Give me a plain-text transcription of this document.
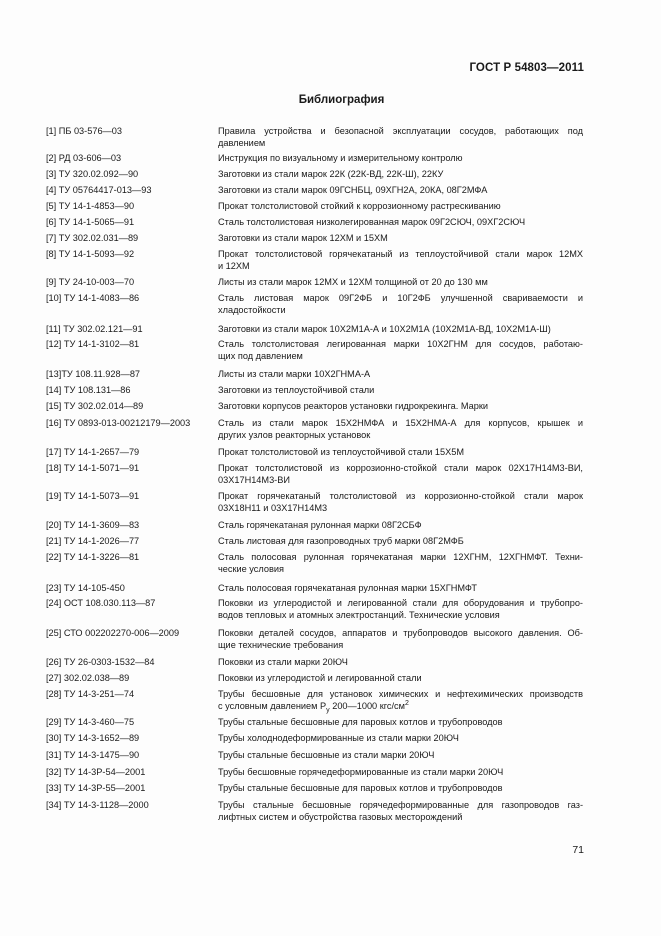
ГОСТ Р 54803—2011
Библиография
[1] ПБ 03-576—03	Правила устройства и безопасной эксплуатации сосудов, работающих под
давлением
[2] РД 03-606—03	Инструкция по визуальному и измерительному контролю
[3] ТУ 320.02.092—90	Заготовки из стали марок 22К (22К-ВД, 22К-Ш), 22КУ
[4] ТУ 05764417-013—93	Заготовки из стали марок 09ГСНБЦ, 09ХГН2А, 20КА, 08Г2МФА
[5] ТУ 14-1-4853—90	Прокат толстолистовой стойкий к коррозионному растрескиванию
[6] ТУ 14-1-5065—91	Сталь толстолистовая низколегированная марок 09Г2СЮЧ, 09ХГ2СЮЧ
[7] ТУ 302.02.031—89	Заготовки из стали марок 12ХМ и 15ХМ
[8] ТУ 14-1-5093—92	Прокат толстолистовой горячекатаный из теплоустойчивой стали марок 12МХ
и 12ХМ
[9] ТУ 24-10-003—70	Листы из стали марок 12МХ и 12ХМ толщиной от 20 до 130 мм
[10] ТУ 14-1-4083—86	Сталь листовая марок 09Г2ФБ и 10Г2ФБ улучшенной свариваемости и
хладостойкости
[11] ТУ 302.02.121—91	Заготовки из стали марок 10Х2М1А-А и 10Х2М1А (10Х2М1А-ВД, 10Х2М1А-Ш)
[12] ТУ 14-1-3102—81	Сталь толстолистовая легированная марки 10Х2ГНМ для сосудов, работаю-
щих под давлением
[13]ТУ 108.11.928—87	Листы из стали марки 10Х2ГНМА-А
[14] ТУ 108.131—86	Заготовки из теплоустойчивой стали
[15] ТУ 302.02.014—89	Заготовки корпусов реакторов установки гидрокрекинга. Марки
[16] ТУ 0893-013-00212179—2003	Сталь из стали марок 15Х2НМФА и 15Х2НМА-А для корпусов, крышек и
других узлов реакторных установок
[17] ТУ 14-1-2657—79	Прокат толстолистовой из теплоустойчивой стали 15Х5М
[18] ТУ 14-1-5071—91	Прокат толстолистовой из коррозионно-стойкой стали марок 02Х17Н14М3-ВИ,
03Х17Н14М3-ВИ
[19] ТУ 14-1-5073—91	Прокат горячекатаный толстолистовой из коррозионно-стойкой стали марок
03Х18Н11 и 03Х17Н14М3
[20] ТУ 14-1-3609—83	Сталь горячекатаная рулонная марки 08Г2СБФ
[21] ТУ 14-1-2026—77	Сталь листовая для газопроводных труб марки 08Г2МФБ
[22] ТУ 14-1-3226—81	Сталь полосовая рулонная горячекатаная марки 12ХГНМ, 12ХГНМФТ. Техни-
ческие условия
[23] ТУ 14-105-450	Сталь полосовая горячекатаная рулонная марки 15ХГНМФТ
[24] ОСТ 108.030.113—87	Поковки из углеродистой и легированной стали для оборудования и трубопро-
водов тепловых и атомных электростанций. Технические условия
[25] СТО 002202270-006—2009	Поковки деталей сосудов, аппаратов и трубопроводов высокого давления. Об-
щие технические требования
[26] ТУ 26-0303-1532—84	Поковки из стали марки 20ЮЧ
[27] 302.02.038—89	Поковки из углеродистой и легированной стали
[28] ТУ 14-3-251—74	Трубы бесшовные для установок химических и нефтехимических производств
с условным давлением $P_у$ 200—1000 кгс/$см^2$
[29] ТУ 14-3-460—75	Трубы стальные бесшовные для паровых котлов и трубопроводов
[30] ТУ 14-3-1652—89	Трубы холоднодеформированные из стали марки 20ЮЧ
[31] ТУ 14-3-1475—90	Трубы стальные бесшовные из стали марки 20ЮЧ
[32] ТУ 14-3Р-54—2001	Трубы бесшовные горячедеформированные из стали марки 20ЮЧ
[33] ТУ 14-3Р-55—2001	Трубы стальные бесшовные для паровых котлов и трубопроводов
[34] ТУ 14-3-1128—2000	Трубы стальные бесшовные горячедеформированные для газопроводов газ-
лифтных систем и обустройства газовых месторождений
71
